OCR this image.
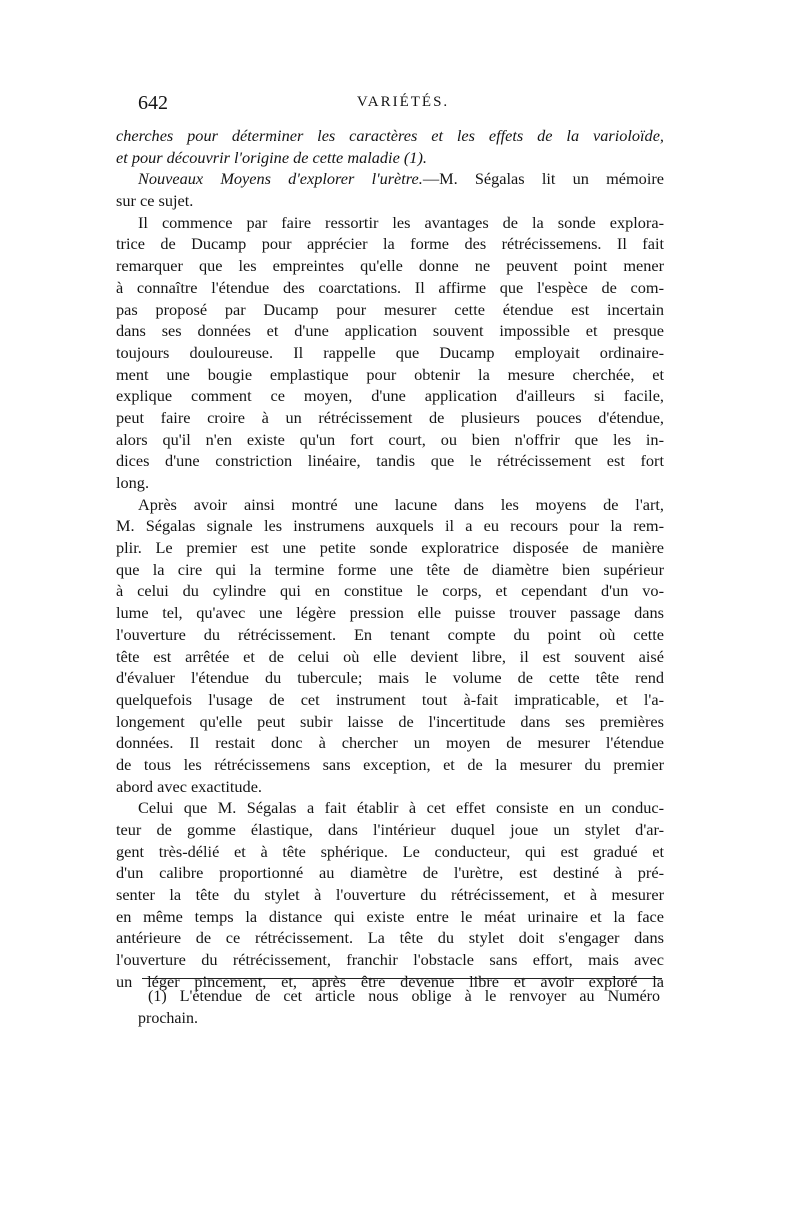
642	VARIÉTÉS.
cherches pour déterminer les caractères et les effets de la varioloïde,
et pour découvrir l'origine de cette maladie (1).
Nouveaux Moyens d'explorer l'urètre.—M. Ségalas lit un mémoire
sur ce sujet.
Il commence par faire ressortir les avantages de la sonde explora-
trice de Ducamp pour apprécier la forme des rétrécissemens. Il fait
remarquer que les empreintes qu'elle donne ne peuvent point mener
à connaître l'étendue des coarctations. Il affirme que l'espèce de com-
pas proposé par Ducamp pour mesurer cette étendue est incertain
dans ses données et d'une application souvent impossible et presque
toujours douloureuse. Il rappelle que Ducamp employait ordinaire-
ment une bougie emplastique pour obtenir la mesure cherchée, et
explique comment ce moyen, d'une application d'ailleurs si facile,
peut faire croire à un rétrécissement de plusieurs pouces d'étendue,
alors qu'il n'en existe qu'un fort court, ou bien n'offrir que les in-
dices d'une constriction linéaire, tandis que le rétrécissement est fort
long.
Après avoir ainsi montré une lacune dans les moyens de l'art,
M. Ségalas signale les instrumens auxquels il a eu recours pour la rem-
plir. Le premier est une petite sonde exploratrice disposée de manière
que la cire qui la termine forme une tête de diamètre bien supérieur
à celui du cylindre qui en constitue le corps, et cependant d'un vo-
lume tel, qu'avec une légère pression elle puisse trouver passage dans
l'ouverture du rétrécissement. En tenant compte du point où cette
tête est arrêtée et de celui où elle devient libre, il est souvent aisé
d'évaluer l'étendue du tubercule; mais le volume de cette tête rend
quelquefois l'usage de cet instrument tout à-fait impraticable, et l'a-
longement qu'elle peut subir laisse de l'incertitude dans ses premières
données. Il restait donc à chercher un moyen de mesurer l'étendue
de tous les rétrécissemens sans exception, et de la mesurer du premier
abord avec exactitude.
Celui que M. Ségalas a fait établir à cet effet consiste en un conduc-
teur de gomme élastique, dans l'intérieur duquel joue un stylet d'ar-
gent très-délié et à tête sphérique. Le conducteur, qui est gradué et
d'un calibre proportionné au diamètre de l'urètre, est destiné à pré-
senter la tête du stylet à l'ouverture du rétrécissement, et à mesurer
en même temps la distance qui existe entre le méat urinaire et la face
antérieure de ce rétrécissement. La tête du stylet doit s'engager dans
l'ouverture du rétrécissement, franchir l'obstacle sans effort, mais avec
un léger pincement, et, après être devenue libre et avoir exploré la
(1) L'étendue de cet article nous oblige à le renvoyer au Numéro
prochain.
